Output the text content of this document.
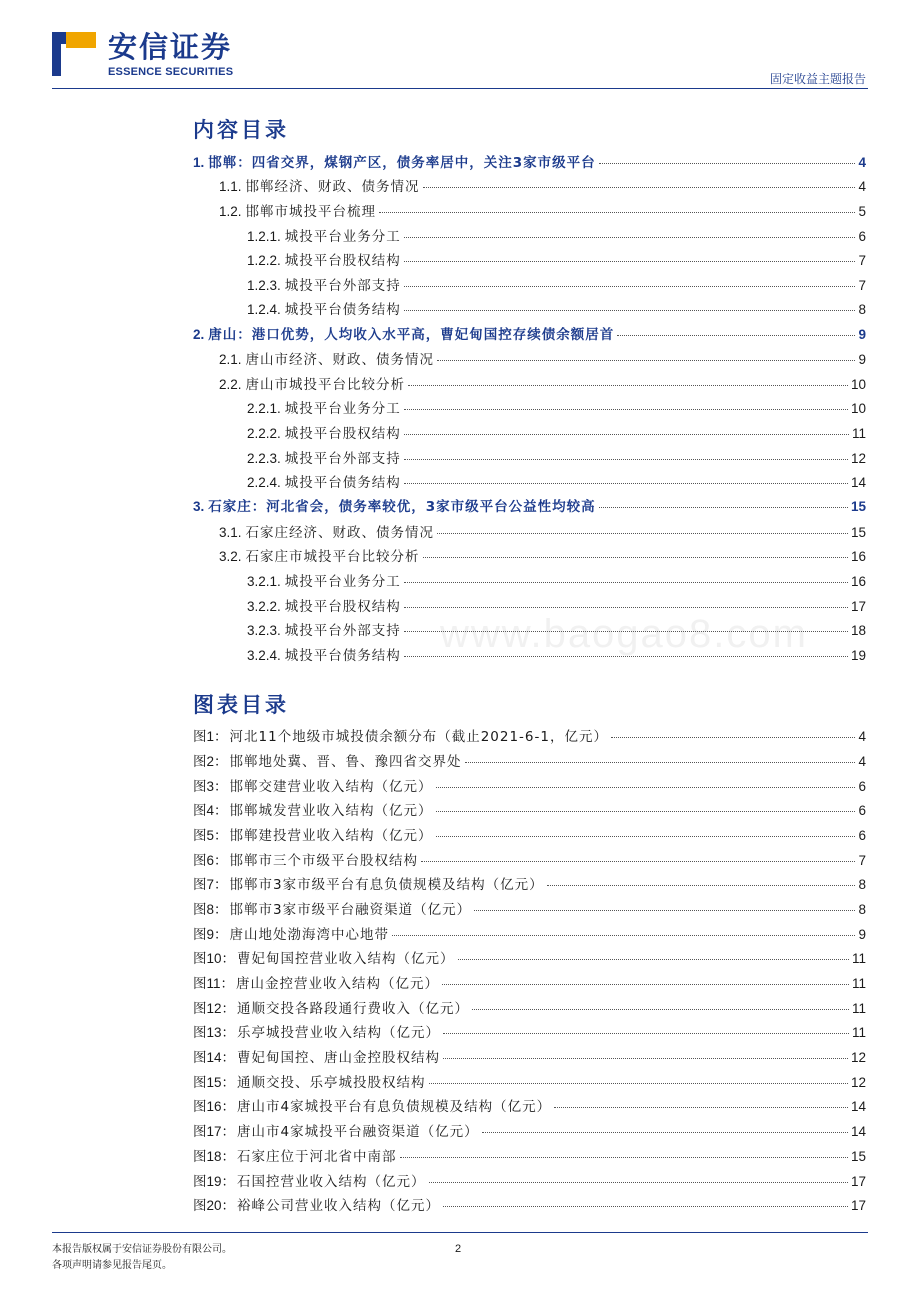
安信证券
ESSENCE SECURITIES	固定收益主题报告
内容目录
1. 邯郸：四省交界，煤钢产区，债务率居中，关注3家市级平台	4
1.1. 邯郸经济、财政、债务情况	4
1.2. 邯郸市城投平台梳理	5
1.2.1. 城投平台业务分工	6
1.2.2. 城投平台股权结构	7
1.2.3. 城投平台外部支持	7
1.2.4. 城投平台债务结构	8
2. 唐山：港口优势，人均收入水平高，曹妃甸国控存续债余额居首	9
2.1. 唐山市经济、财政、债务情况	9
2.2. 唐山市城投平台比较分析	10
2.2.1. 城投平台业务分工	10
2.2.2. 城投平台股权结构	11
2.2.3. 城投平台外部支持	12
2.2.4. 城投平台债务结构	14
3. 石家庄：河北省会，债务率较优，3家市级平台公益性均较高	15
3.1. 石家庄经济、财政、债务情况	15
3.2. 石家庄市城投平台比较分析	16
3.2.1. 城投平台业务分工	16
3.2.2. 城投平台股权结构	17
3.2.3. 城投平台外部支持	18
3.2.4. 城投平台债务结构	19
www.baogao8.com
图表目录
图1： 河北11个地级市城投债余额分布（截止2021-6-1，亿元）	4
图2： 邯郸地处冀、晋、鲁、豫四省交界处	4
图3： 邯郸交建营业收入结构（亿元）	6
图4： 邯郸城发营业收入结构（亿元）	6
图5： 邯郸建投营业收入结构（亿元）	6
图6： 邯郸市三个市级平台股权结构	7
图7： 邯郸市3家市级平台有息负债规模及结构（亿元）	8
图8： 邯郸市3家市级平台融资渠道（亿元）	8
图9： 唐山地处渤海湾中心地带	9
图10： 曹妃甸国控营业收入结构（亿元）	11
图11： 唐山金控营业收入结构（亿元）	11
图12： 通顺交投各路段通行费收入（亿元）	11
图13： 乐亭城投营业收入结构（亿元）	11
图14： 曹妃甸国控、唐山金控股权结构	12
图15： 通顺交投、乐亭城投股权结构	12
图16： 唐山市4家城投平台有息负债规模及结构（亿元）	14
图17： 唐山市4家城投平台融资渠道（亿元）	14
图18： 石家庄位于河北省中南部	15
图19： 石国控营业收入结构（亿元）	17
图20： 裕峰公司营业收入结构（亿元）	17
本报告版权属于安信证券股份有限公司。
各项声明请参见报告尾页。
2
